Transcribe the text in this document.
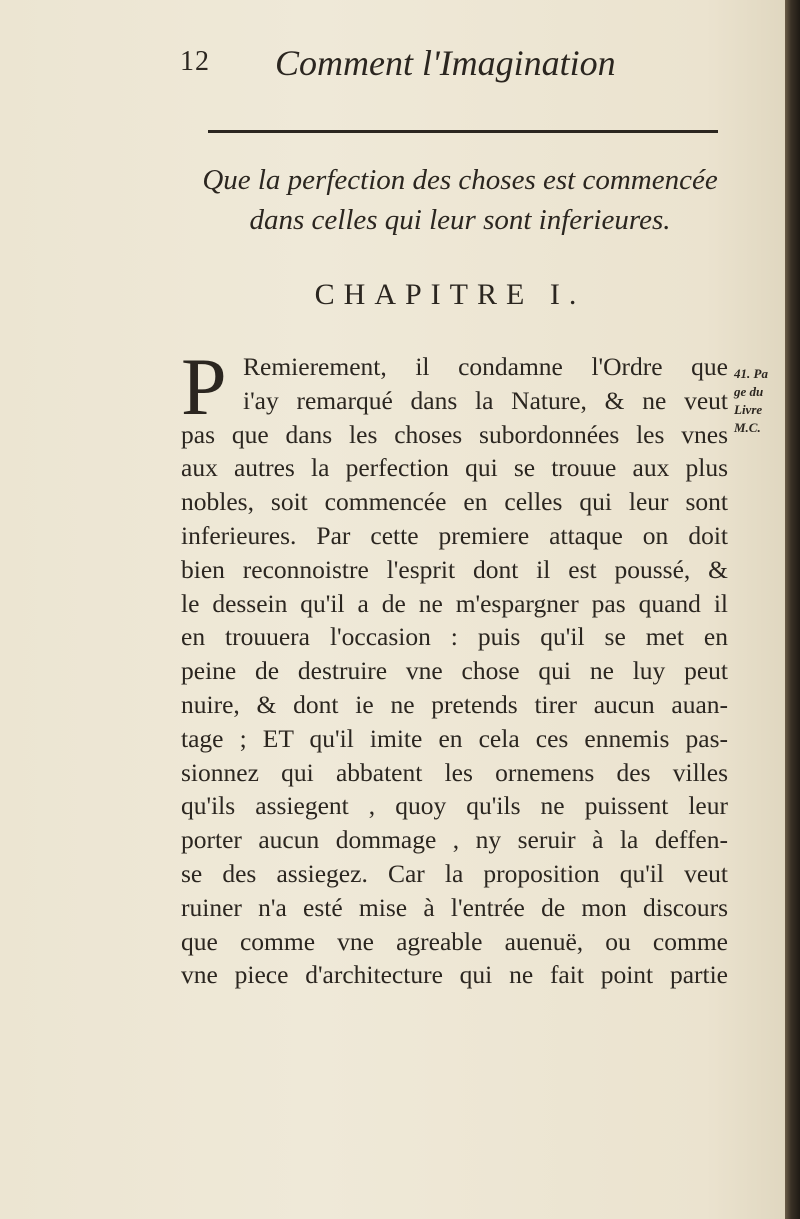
12 Comment l'Imagination
Que la perfection des choses est commencée
dans celles qui leur sont inferieures.
CHAPITRE I.
P Remierement, il condamne l'Ordre que
i'ay remarqué dans la Nature, & ne veut
pas que dans les choses subordonnées les vnes
aux autres la perfection qui se trouue aux plus
nobles, soit commencée en celles qui leur sont
inferieures. Par cette premiere attaque on doit
bien reconnoistre l'esprit dont il est poussé, &
le dessein qu'il a de ne m'espargner pas quand il
en trouuera l'occasion : puis qu'il se met en
peine de destruire vne chose qui ne luy peut
nuire, & dont ie ne pretends tirer aucun auan-
tage ; ET qu'il imite en cela ces ennemis pas-
sionnez qui abbatent les ornemens des villes
qu'ils assiegent , quoy qu'ils ne puissent leur
porter aucun dommage , ny seruir à la deffen-
se des assiegez. Car la proposition qu'il veut
ruiner n'a esté mise à l'entrée de mon discours
que comme vne agreable auenuë, ou comme
vne piece d'architecture qui ne fait point partie
41. Pa
ge du
Livre
M.C.
